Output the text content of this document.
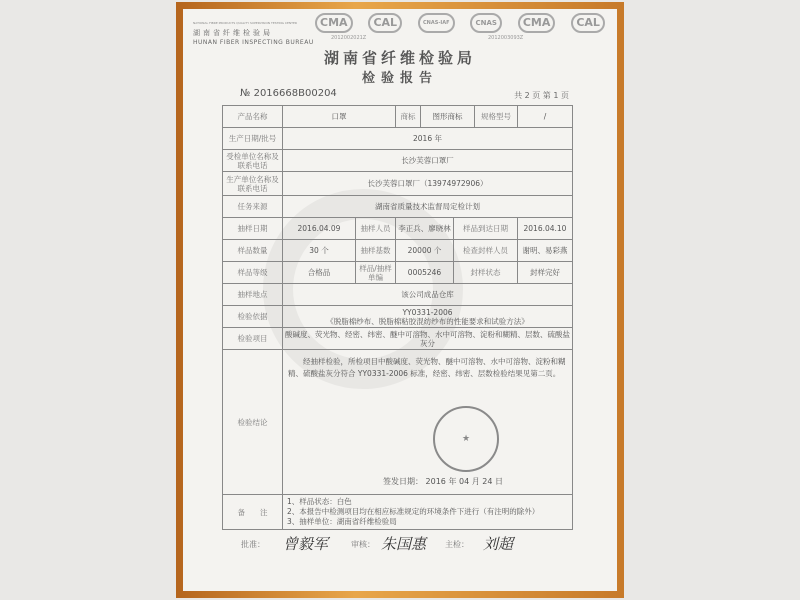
NATIONAL FIBRE PRODUCTS QUALITY SUPERVISION TESTING CENTER
湖南省纤维检验局
HUNAN FIBER INSPECTING BUREAU
CMA	CAL	CNAS-IAF	CNAS	CMA	CAL
2012002021Z	2012003093Z
湖南省纤维检验局
检验报告
№ 2016668B00204	共 2 页 第 1 页
产品名称	口罩		商标	图形商标		规格型号	/
生产日期/批号	2016 年						
受检单位名称及联系电话	长沙芙蓉口罩厂						
生产单位名称及联系电话	长沙芙蓉口罩厂（13974972906）						
任务来源	湖南省质量技术监督局定检计划						
抽样日期	2016.04.09	抽样人员	李正兵、廖晓林		样品到达日期		2016.04.10
样品数量	30 个	抽样基数	20000 个		检查封样人员		谢明、易彩燕
样品等级	合格品	样品/抽样单编	0005246		封样状态		封样完好
抽样地点	该公司成品仓库						
检验依据	YY0331-2006
《脱脂棉纱布、脱脂棉粘胶混纺纱布的性能要求和试验方法》						

检验项目	酸碱度、荧光物、经密、纬密、醚中可溶物、水中可溶物、淀粉和糊精、层数、硫酸盐灰分						
检验结论	经抽样检验，所检项目中酸碱度、荧光物、醚中可溶物、水中可溶物、淀粉和糊精、硫酸盐灰分符合 YY0331-2006 标准，经密、纬密、层数检验结果见第二页。
★
签发日期： 2016 年 04 月 24 日						

备　　注	1、样品状态：白色
2、本报告中检测项目均在相应标准规定的环境条件下进行（有注明的除外）
3、抽样单位：湖南省纤维检验局						
批准： 曾毅军	审核： 朱国惠 主检： 刘超
